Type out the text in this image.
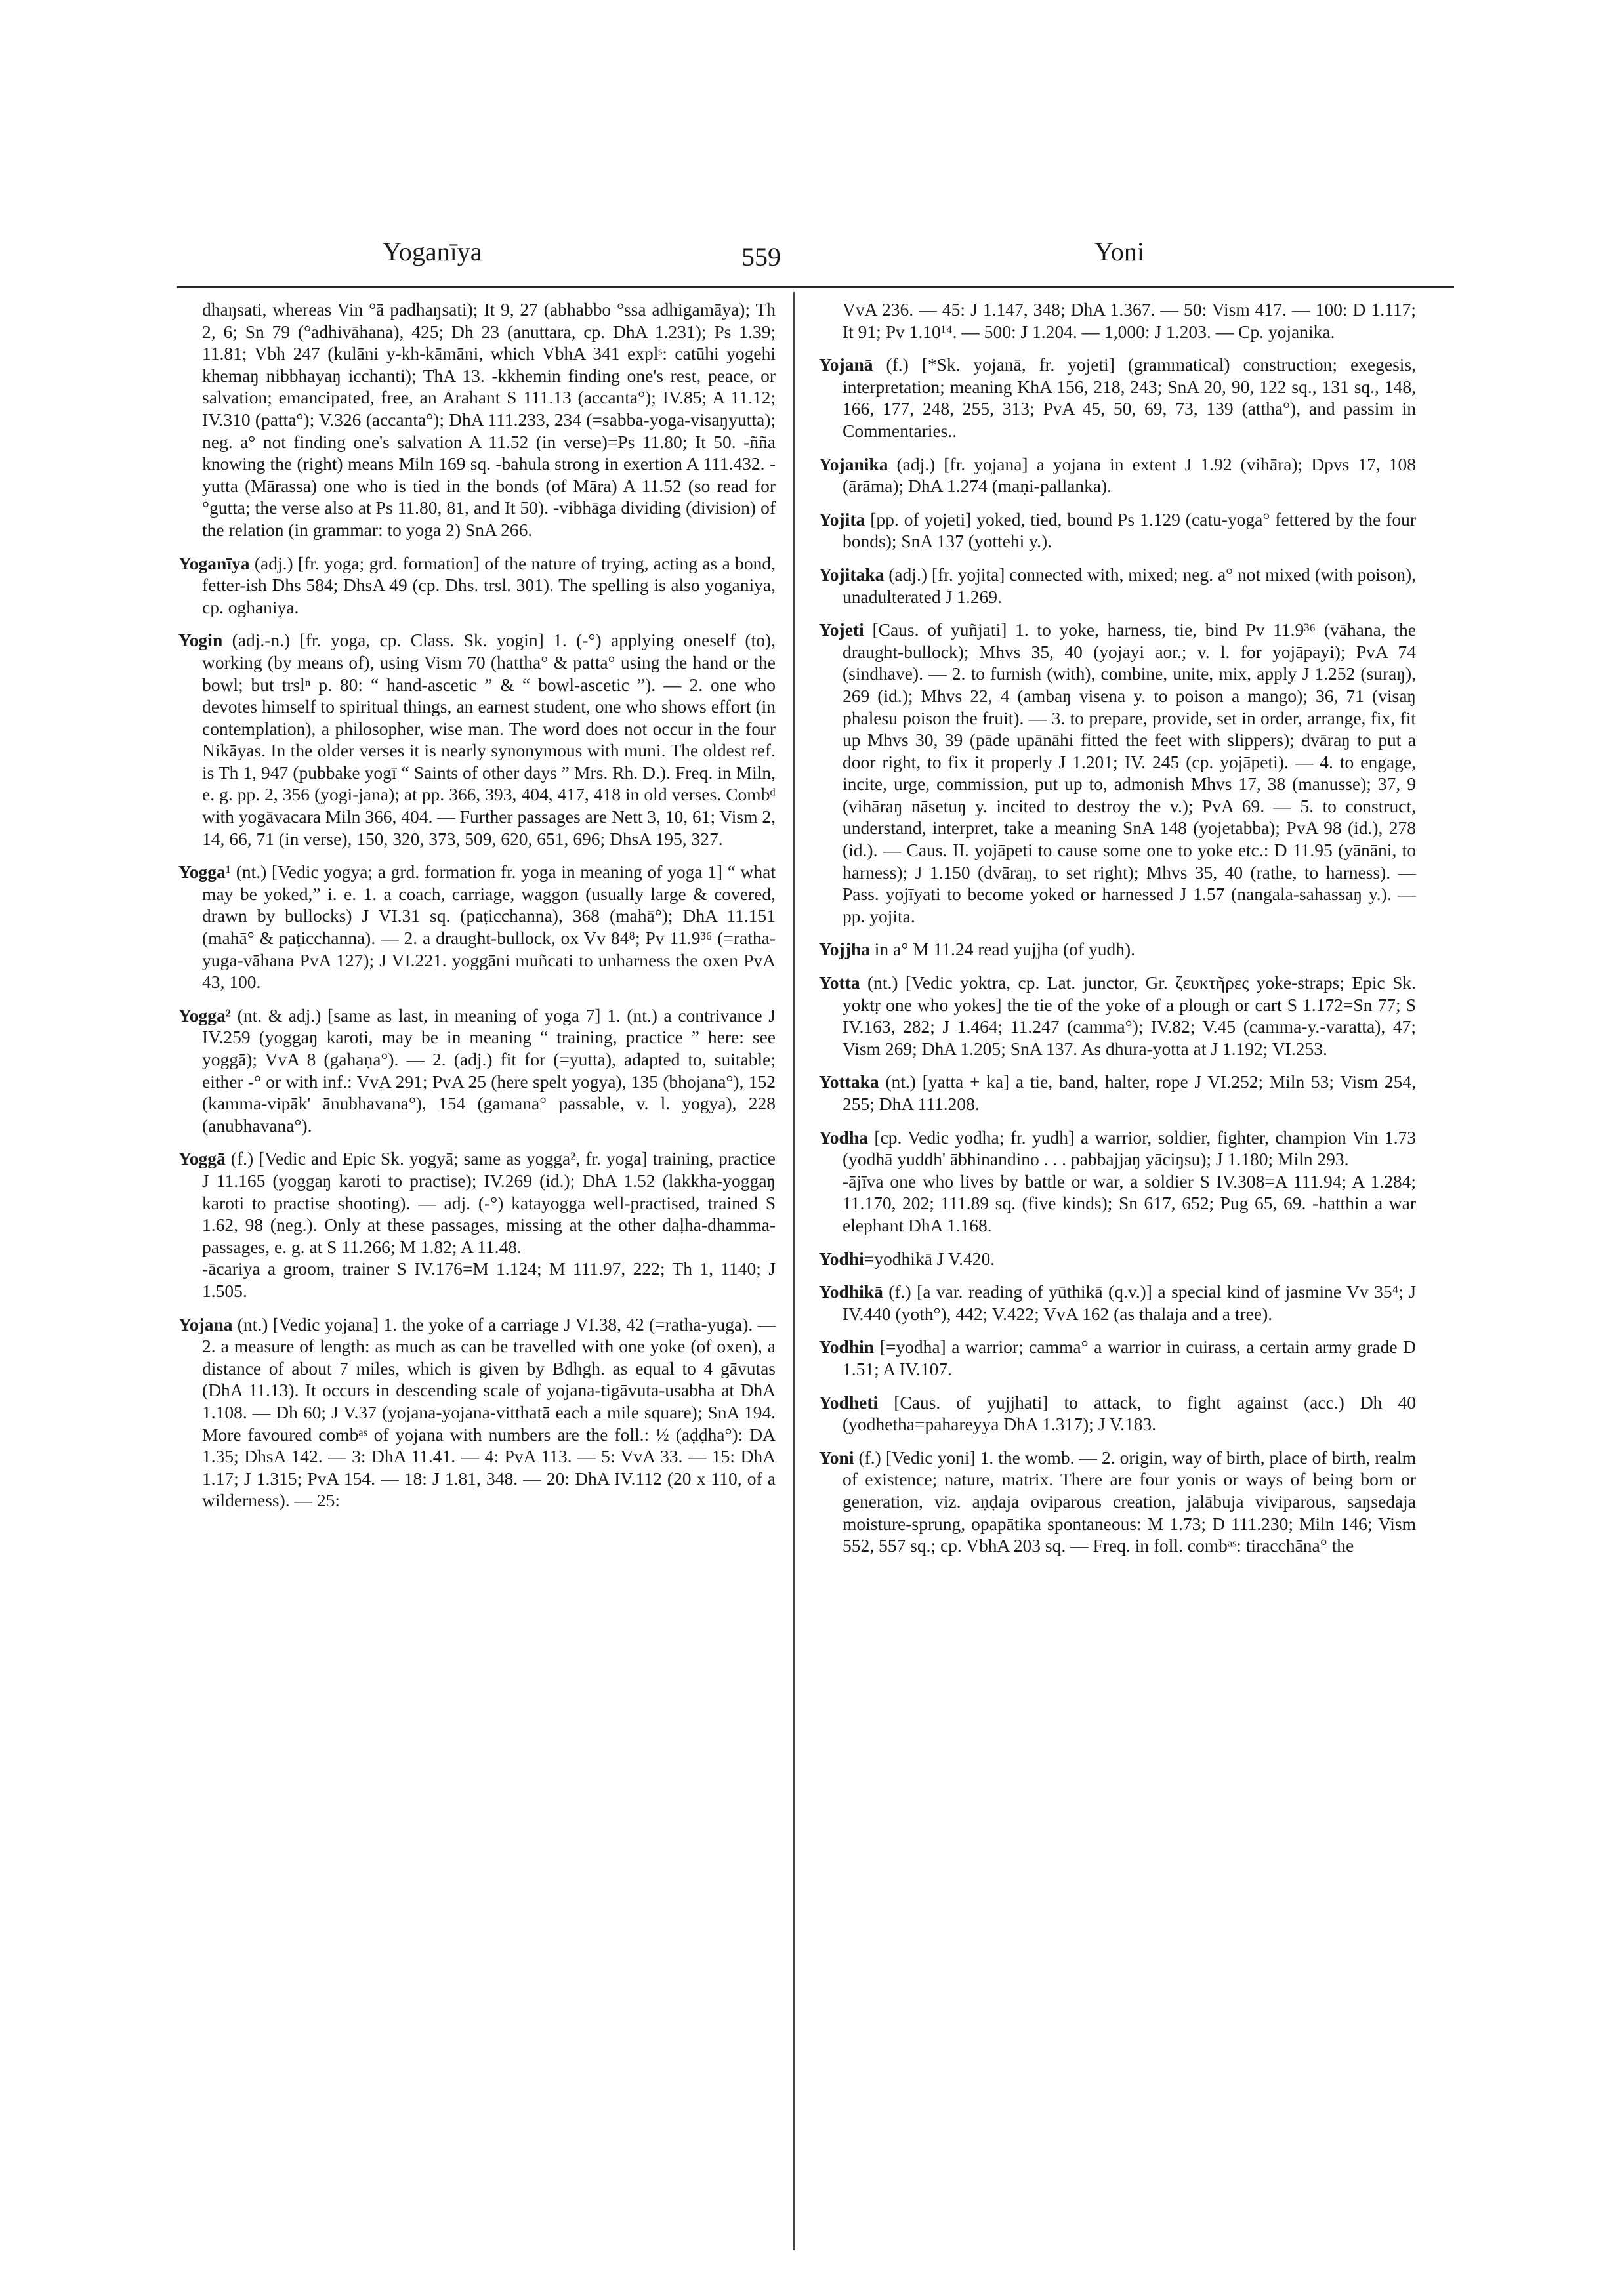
Yoganīya	559	Yoni

dhaŋsati, whereas Vin °ā padhaŋsati); It 9, 27 (abhabbo °ssa adhigamāya); Th 2, 6; Sn 79 (°adhivāhana), 425; Dh 23 (anuttara, cp. DhA 1.231); Ps 1.39; 11.81; Vbh 247 (kulāni y-kh-kāmāni, which VbhA 341 explˢ: catūhi yogehi khemaŋ nibbhayaŋ icchanti); ThA 13. -kkhemin finding one's rest, peace, or salvation; emancipated, free, an Arahant S 111.13 (accanta°); IV.85; A 11.12; IV.310 (patta°); V.326 (accanta°); DhA 111.233, 234 (=sabba-yoga-visaŋyutta); neg. a° not finding one's salvation A 11.52 (in verse)=Ps 11.80; It 50. -ñña knowing the (right) means Miln 169 sq. -bahula strong in exertion A 111.432. -yutta (Mārassa) one who is tied in the bonds (of Māra) A 11.52 (so read for °gutta; the verse also at Ps 11.80, 81, and It 50). -vibhāga dividing (division) of the relation (in grammar: to yoga 2) SnA 266.

Yoganīya (adj.) [fr. yoga; grd. formation] of the nature of trying, acting as a bond, fetter-ish Dhs 584; DhsA 49 (cp. Dhs. trsl. 301). The spelling is also yoganiya, cp. oghaniya.

Yogin (adj.-n.) [fr. yoga, cp. Class. Sk. yogin] 1. (-°) applying oneself (to), working (by means of), using Vism 70 (hattha° & patta° using the hand or the bowl; but trslⁿ p. 80: “ hand-ascetic ” & “ bowl-ascetic ”). — 2. one who devotes himself to spiritual things, an earnest student, one who shows effort (in contemplation), a philosopher, wise man. The word does not occur in the four Nikāyas. In the older verses it is nearly synonymous with muni. The oldest ref. is Th 1, 947 (pubbake yogī “ Saints of other days ” Mrs. Rh. D.). Freq. in Miln, e. g. pp. 2, 356 (yogi-jana); at pp. 366, 393, 404, 417, 418 in old verses. Combᵈ with yogāvacara Miln 366, 404. — Further passages are Nett 3, 10, 61; Vism 2, 14, 66, 71 (in verse), 150, 320, 373, 509, 620, 651, 696; DhsA 195, 327.

Yogga¹ (nt.) [Vedic yogya; a grd. formation fr. yoga in meaning of yoga 1] “ what may be yoked,” i. e. 1. a coach, carriage, waggon (usually large & covered, drawn by bullocks) J VI.31 sq. (paṭicchanna), 368 (mahā°); DhA 11.151 (mahā° & paṭicchanna). — 2. a draught-bullock, ox Vv 84⁸; Pv 11.9³⁶ (=ratha-yuga-vāhana PvA 127); J VI.221. yoggāni muñcati to unharness the oxen PvA 43, 100.

Yogga² (nt. & adj.) [same as last, in meaning of yoga 7] 1. (nt.) a contrivance J IV.259 (yoggaŋ karoti, may be in meaning “ training, practice ” here: see yoggā); VvA 8 (gahaṇa°). — 2. (adj.) fit for (=yutta), adapted to, suitable; either -° or with inf.: VvA 291; PvA 25 (here spelt yogya), 135 (bhojana°), 152 (kamma-vipāk' ānubhavana°), 154 (gamana° passable, v. l. yogya), 228 (anubhavana°).

Yoggā (f.) [Vedic and Epic Sk. yogyā; same as yogga², fr. yoga] training, practice J 11.165 (yoggaŋ karoti to practise); IV.269 (id.); DhA 1.52 (lakkha-yoggaŋ karoti to practise shooting). — adj. (-°) katayogga well-practised, trained S 1.62, 98 (neg.). Only at these passages, missing at the other daḷha-dhamma-passages, e. g. at S 11.266; M 1.82; A 11.48.
-ācariya a groom, trainer S IV.176=M 1.124; M 111.97, 222; Th 1, 1140; J 1.505.

Yojana (nt.) [Vedic yojana] 1. the yoke of a carriage J VI.38, 42 (=ratha-yuga). — 2. a measure of length: as much as can be travelled with one yoke (of oxen), a distance of about 7 miles, which is given by Bdhgh. as equal to 4 gāvutas (DhA 11.13). It occurs in descending scale of yojana-tigāvuta-usabha at DhA 1.108. — Dh 60; J V.37 (yojana-yojana-vitthatā each a mile square); SnA 194. More favoured combᵃˢ of yojana with numbers are the foll.: ½ (aḍḍha°): DA 1.35; DhsA 142. — 3: DhA 11.41. — 4: PvA 113. — 5: VvA 33. — 15: DhA 1.17; J 1.315; PvA 154. — 18: J 1.81, 348. — 20: DhA IV.112 (20 x 110, of a wilderness). — 25:

VvA 236. — 45: J 1.147, 348; DhA 1.367. — 50: Vism 417. — 100: D 1.117; It 91; Pv 1.10¹⁴. — 500: J 1.204. — 1,000: J 1.203. — Cp. yojanika.

Yojanā (f.) [*Sk. yojanā, fr. yojeti] (grammatical) construction; exegesis, interpretation; meaning KhA 156, 218, 243; SnA 20, 90, 122 sq., 131 sq., 148, 166, 177, 248, 255, 313; PvA 45, 50, 69, 73, 139 (attha°), and passim in Commentaries..

Yojanika (adj.) [fr. yojana] a yojana in extent J 1.92 (vihāra); Dpvs 17, 108 (ārāma); DhA 1.274 (maṇi-pallanka).

Yojita [pp. of yojeti] yoked, tied, bound Ps 1.129 (catu-yoga° fettered by the four bonds); SnA 137 (yottehi y.).

Yojitaka (adj.) [fr. yojita] connected with, mixed; neg. a° not mixed (with poison), unadulterated J 1.269.

Yojeti [Caus. of yuñjati] 1. to yoke, harness, tie, bind Pv 11.9³⁶ (vāhana, the draught-bullock); Mhvs 35, 40 (yojayi aor.; v. l. for yojāpayi); PvA 74 (sindhave). — 2. to furnish (with), combine, unite, mix, apply J 1.252 (suraŋ), 269 (id.); Mhvs 22, 4 (ambaŋ visena y. to poison a mango); 36, 71 (visaŋ phalesu poison the fruit). — 3. to prepare, provide, set in order, arrange, fix, fit up Mhvs 30, 39 (pāde upānāhi fitted the feet with slippers); dvāraŋ to put a door right, to fix it properly J 1.201; IV. 245 (cp. yojāpeti). — 4. to engage, incite, urge, commission, put up to, admonish Mhvs 17, 38 (manusse); 37, 9 (vihāraŋ nāsetuŋ y. incited to destroy the v.); PvA 69. — 5. to construct, understand, interpret, take a meaning SnA 148 (yojetabba); PvA 98 (id.), 278 (id.). — Caus. II. yojāpeti to cause some one to yoke etc.: D 11.95 (yānāni, to harness); J 1.150 (dvāraŋ, to set right); Mhvs 35, 40 (rathe, to harness). — Pass. yojīyati to become yoked or harnessed J 1.57 (nangala-sahassaŋ y.). — pp. yojita.

Yojjha in a° M 11.24 read yujjha (of yudh).

Yotta (nt.) [Vedic yoktra, cp. Lat. junctor, Gr. ζευκτῆρες yoke-straps; Epic Sk. yoktṛ one who yokes] the tie of the yoke of a plough or cart S 1.172=Sn 77; S IV.163, 282; J 1.464; 11.247 (camma°); IV.82; V.45 (camma-y.-varatta), 47; Vism 269; DhA 1.205; SnA 137. As dhura-yotta at J 1.192; VI.253.

Yottaka (nt.) [yatta + ka] a tie, band, halter, rope J VI.252; Miln 53; Vism 254, 255; DhA 111.208.

Yodha [cp. Vedic yodha; fr. yudh] a warrior, soldier, fighter, champion Vin 1.73 (yodhā yuddh' ābhinandino . . . pabbajjaŋ yāciŋsu); J 1.180; Miln 293.
-ājīva one who lives by battle or war, a soldier S IV.308=A 111.94; A 1.284; 11.170, 202; 111.89 sq. (five kinds); Sn 617, 652; Pug 65, 69. -hatthin a war elephant DhA 1.168.

Yodhi=yodhikā J V.420.

Yodhikā (f.) [a var. reading of yūthikā (q.v.)] a special kind of jasmine Vv 35⁴; J IV.440 (yoth°), 442; V.422; VvA 162 (as thalaja and a tree).

Yodhin [=yodha] a warrior; camma° a warrior in cuirass, a certain army grade D 1.51; A IV.107.

Yodheti [Caus. of yujjhati] to attack, to fight against (acc.) Dh 40 (yodhetha=pahareyya DhA 1.317); J V.183.

Yoni (f.) [Vedic yoni] 1. the womb. — 2. origin, way of birth, place of birth, realm of existence; nature, matrix. There are four yonis or ways of being born or generation, viz. aṇḍaja oviparous creation, jalābuja viviparous, saŋsedaja moisture-sprung, opapātika spontaneous: M 1.73; D 111.230; Miln 146; Vism 552, 557 sq.; cp. VbhA 203 sq. — Freq. in foll. combᵃˢ: tiracchāna° the
